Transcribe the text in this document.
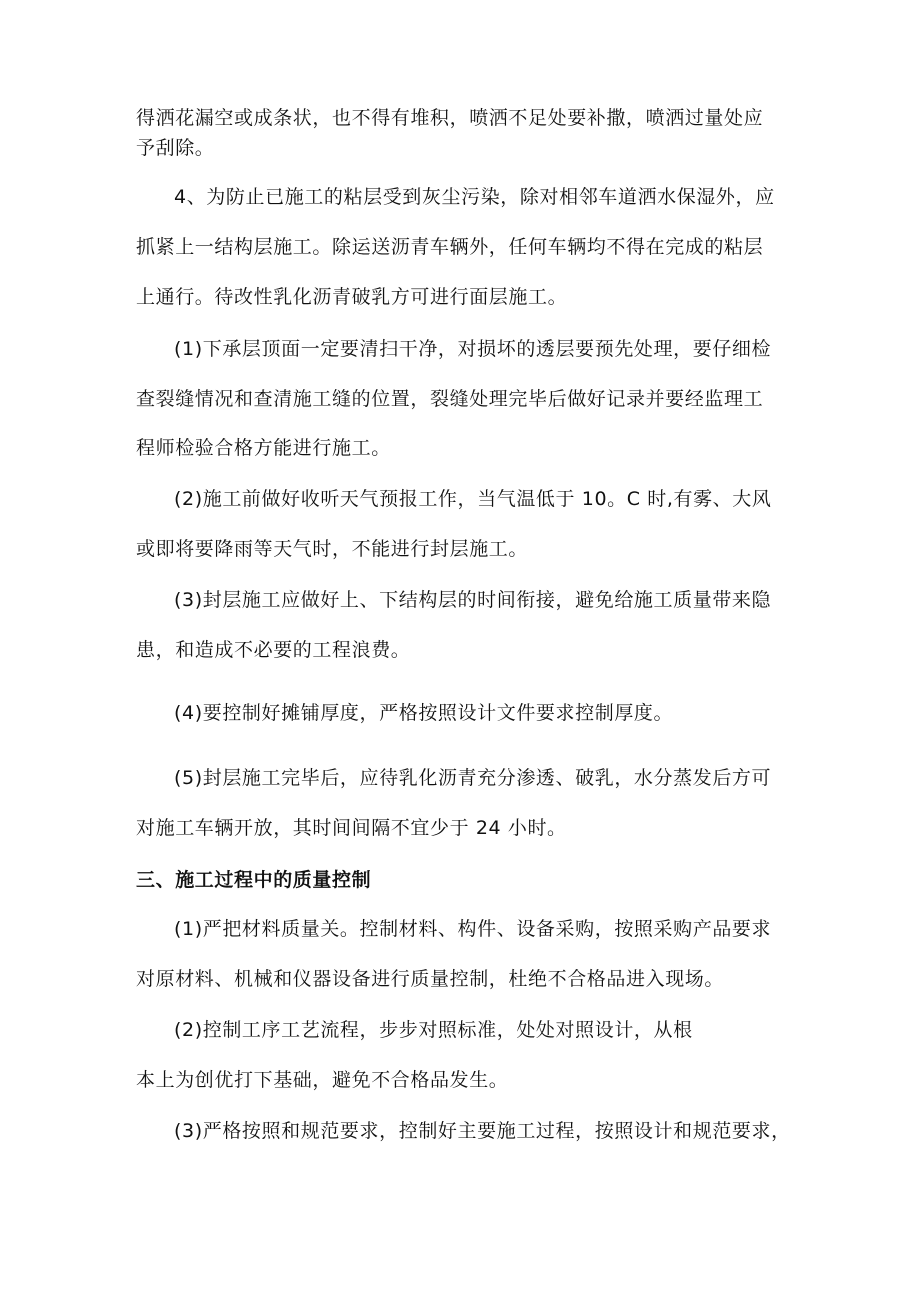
得洒花漏空或成条状，也不得有堆积，喷洒不足处要补撒，喷洒过量处应
予刮除。
4、为防止已施工的粘层受到灰尘污染，除对相邻车道洒水保湿外，应
抓紧上一结构层施工。除运送沥青车辆外，任何车辆均不得在完成的粘层
上通行。待改性乳化沥青破乳方可进行面层施工。
(1)下承层顶面一定要清扫干净，对损坏的透层要预先处理，要仔细检
查裂缝情况和查清施工缝的位置，裂缝处理完毕后做好记录并要经监理工
程师检验合格方能进行施工。
(2)施工前做好收听天气预报工作，当气温低于 10。C 时,有雾、大风
或即将要降雨等天气时，不能进行封层施工。
(3)封层施工应做好上、下结构层的时间衔接，避免给施工质量带来隐
患，和造成不必要的工程浪费。
(4)要控制好摊铺厚度，严格按照设计文件要求控制厚度。
(5)封层施工完毕后，应待乳化沥青充分渗透、破乳，水分蒸发后方可
对施工车辆开放，其时间间隔不宜少于 24 小时。
三、施工过程中的质量控制
(1)严把材料质量关。控制材料、构件、设备采购，按照采购产品要求
对原材料、机械和仪器设备进行质量控制，杜绝不合格品进入现场。
(2)控制工序工艺流程，步步对照标准，处处对照设计，从根
本上为创优打下基础，避免不合格品发生。
(3)严格按照和规范要求，控制好主要施工过程，按照设计和规范要求，
